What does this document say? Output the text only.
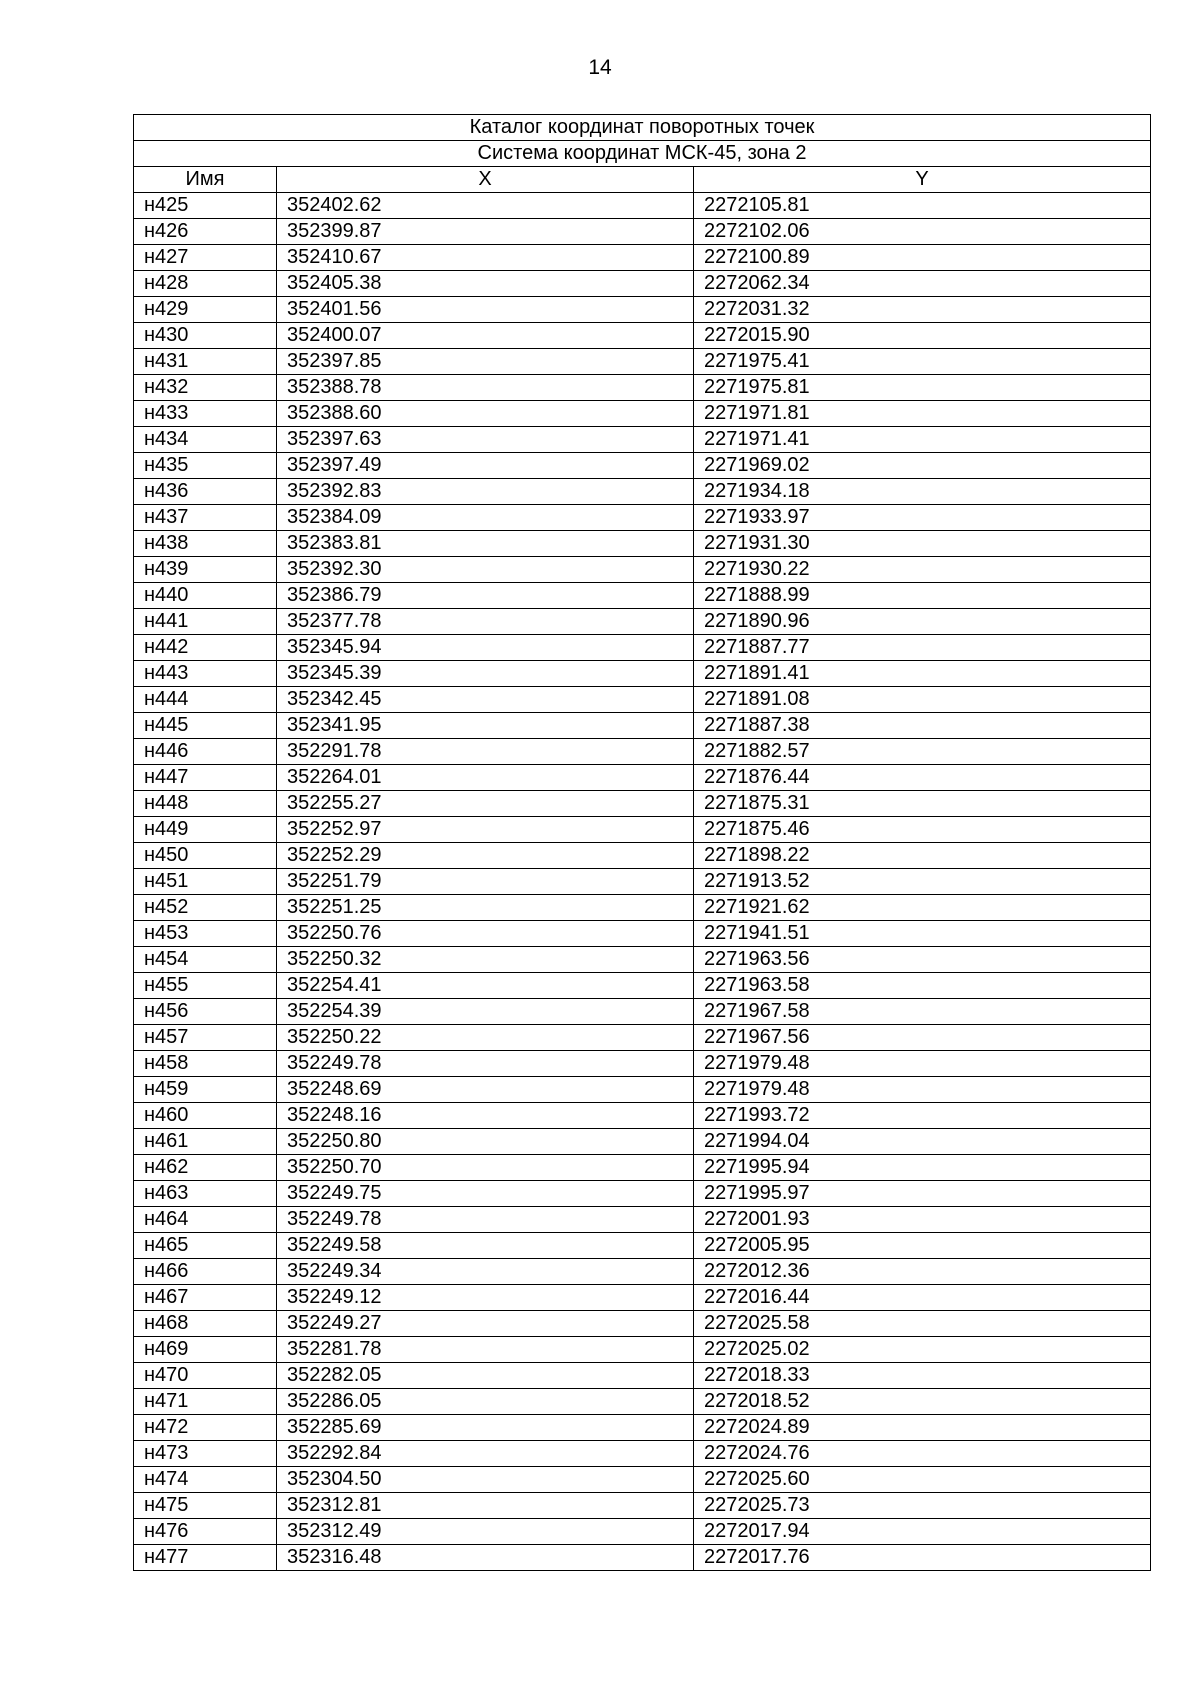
14
Каталог координат поворотных точек		
Система координат МСК-45, зона 2		
Имя	X	Y
н425	352402.62	2272105.81
н426	352399.87	2272102.06
н427	352410.67	2272100.89
н428	352405.38	2272062.34
н429	352401.56	2272031.32
н430	352400.07	2272015.90
н431	352397.85	2271975.41
н432	352388.78	2271975.81
н433	352388.60	2271971.81
н434	352397.63	2271971.41
н435	352397.49	2271969.02
н436	352392.83	2271934.18
н437	352384.09	2271933.97
н438	352383.81	2271931.30
н439	352392.30	2271930.22
н440	352386.79	2271888.99
н441	352377.78	2271890.96
н442	352345.94	2271887.77
н443	352345.39	2271891.41
н444	352342.45	2271891.08
н445	352341.95	2271887.38
н446	352291.78	2271882.57
н447	352264.01	2271876.44
н448	352255.27	2271875.31
н449	352252.97	2271875.46
н450	352252.29	2271898.22
н451	352251.79	2271913.52
н452	352251.25	2271921.62
н453	352250.76	2271941.51
н454	352250.32	2271963.56
н455	352254.41	2271963.58
н456	352254.39	2271967.58
н457	352250.22	2271967.56
н458	352249.78	2271979.48
н459	352248.69	2271979.48
н460	352248.16	2271993.72
н461	352250.80	2271994.04
н462	352250.70	2271995.94
н463	352249.75	2271995.97
н464	352249.78	2272001.93
н465	352249.58	2272005.95
н466	352249.34	2272012.36
н467	352249.12	2272016.44
н468	352249.27	2272025.58
н469	352281.78	2272025.02
н470	352282.05	2272018.33
н471	352286.05	2272018.52
н472	352285.69	2272024.89
н473	352292.84	2272024.76
н474	352304.50	2272025.60
н475	352312.81	2272025.73
н476	352312.49	2272017.94
н477	352316.48	2272017.76
